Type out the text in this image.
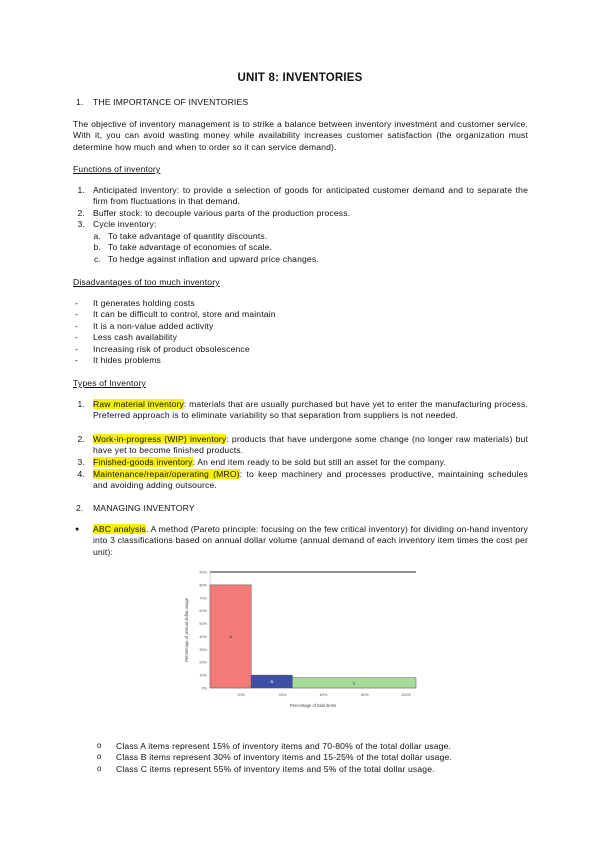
UNIT 8: INVENTORIES
1. THE IMPORTANCE OF INVENTORIES
The objective of inventory management is to strike a balance between inventory investment and customer service. With it, you can avoid wasting money while availability increases customer satisfaction (the organization must determine how much and when to order so it can service demand).
Functions of inventory
1. Anticipated inventory: to provide a selection of goods for anticipated customer demand and to separate the firm from fluctuations in that demand.
2. Buffer stock: to decouple various parts of the production process.
3. Cycle inventory:
a. To take advantage of quantity discounts.
b. To take advantage of economies of scale.
c. To hedge against inflation and upward price changes.
Disadvantages of too much inventory
- It generates holding costs
- It can be difficult to control, store and maintain
- It is a non-value added activity
- Less cash availability
- Increasing risk of product obsolescence
- It hides problems
Types of Inventory
1. Raw material inventory: materials that are usually purchased but have yet to enter the manufacturing process. Preferred approach is to eliminate variability so that separation from suppliers is not needed.
2. Work-in-progress (WIP) inventory: products that have undergone some change (no longer raw materials) but have yet to become finished products.
3. Finished-goods inventory: An end item ready to be sold but still an asset for the company.
4. Maintenance/repair/operating (MRO): to keep machinery and processes productive, maintaining schedules and avoiding adding outsource.
2. MANAGING INVENTORY
● ABC analysis. A method (Pareto principle: focusing on the few critical inventory) for dividing on-hand inventory into 3 classifications based on annual dollar volume (annual demand of each inventory item times the cost per unit):
90%
80%
70%
60%
50%
40%
30%
20%
10%
0%
20%	40%	60%	80%	100%
A
B	C
Percentage of annual dollar usage
Percentage of total items
o Class A items represent 15% of inventory items and 70-80% of the total dollar usage.
o Class B items represent 30% of inventory items and 15-25% of the total dollar usage.
o Class C items represent 55% of inventory items and 5% of the total dollar usage.
